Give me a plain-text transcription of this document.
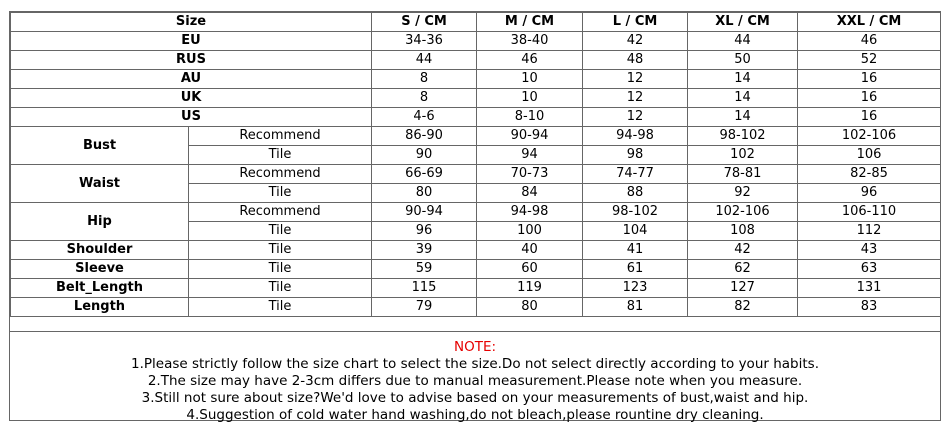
Size		S / CM	M / CM	L / CM	XL / CM	XXL / CM
EU		34-36	38-40	42	44	46
RUS		44	46	48	50	52
AU		8	10	12	14	16
UK		8	10	12	14	16
US		4-6	8-10	12	14	16
Bust	Recommend	86-90	90-94	94-98	98-102	102-106
	Tile	90	94	98	102	106
Waist	Recommend	66-69	70-73	74-77	78-81	82-85
	Tile	80	84	88	92	96
Hip	Recommend	90-94	94-98	98-102	102-106	106-110
	Tile	96	100	104	108	112
Shoulder	Tile	39	40	41	42	43
Sleeve	Tile	59	60	61	62	63
Belt_Length	Tile	115	119	123	127	131
Length	Tile	79	80	81	82	83
NOTE:
1.Please strictly follow the size chart to select the size.Do not select directly according to your habits.
2.The size may have 2-3cm differs due to manual measurement.Please note when you measure.
3.Still not sure about size?We'd love to advise based on your measurements of bust,waist and hip.
4.Suggestion of cold water hand washing,do not bleach,please rountine dry cleaning.
